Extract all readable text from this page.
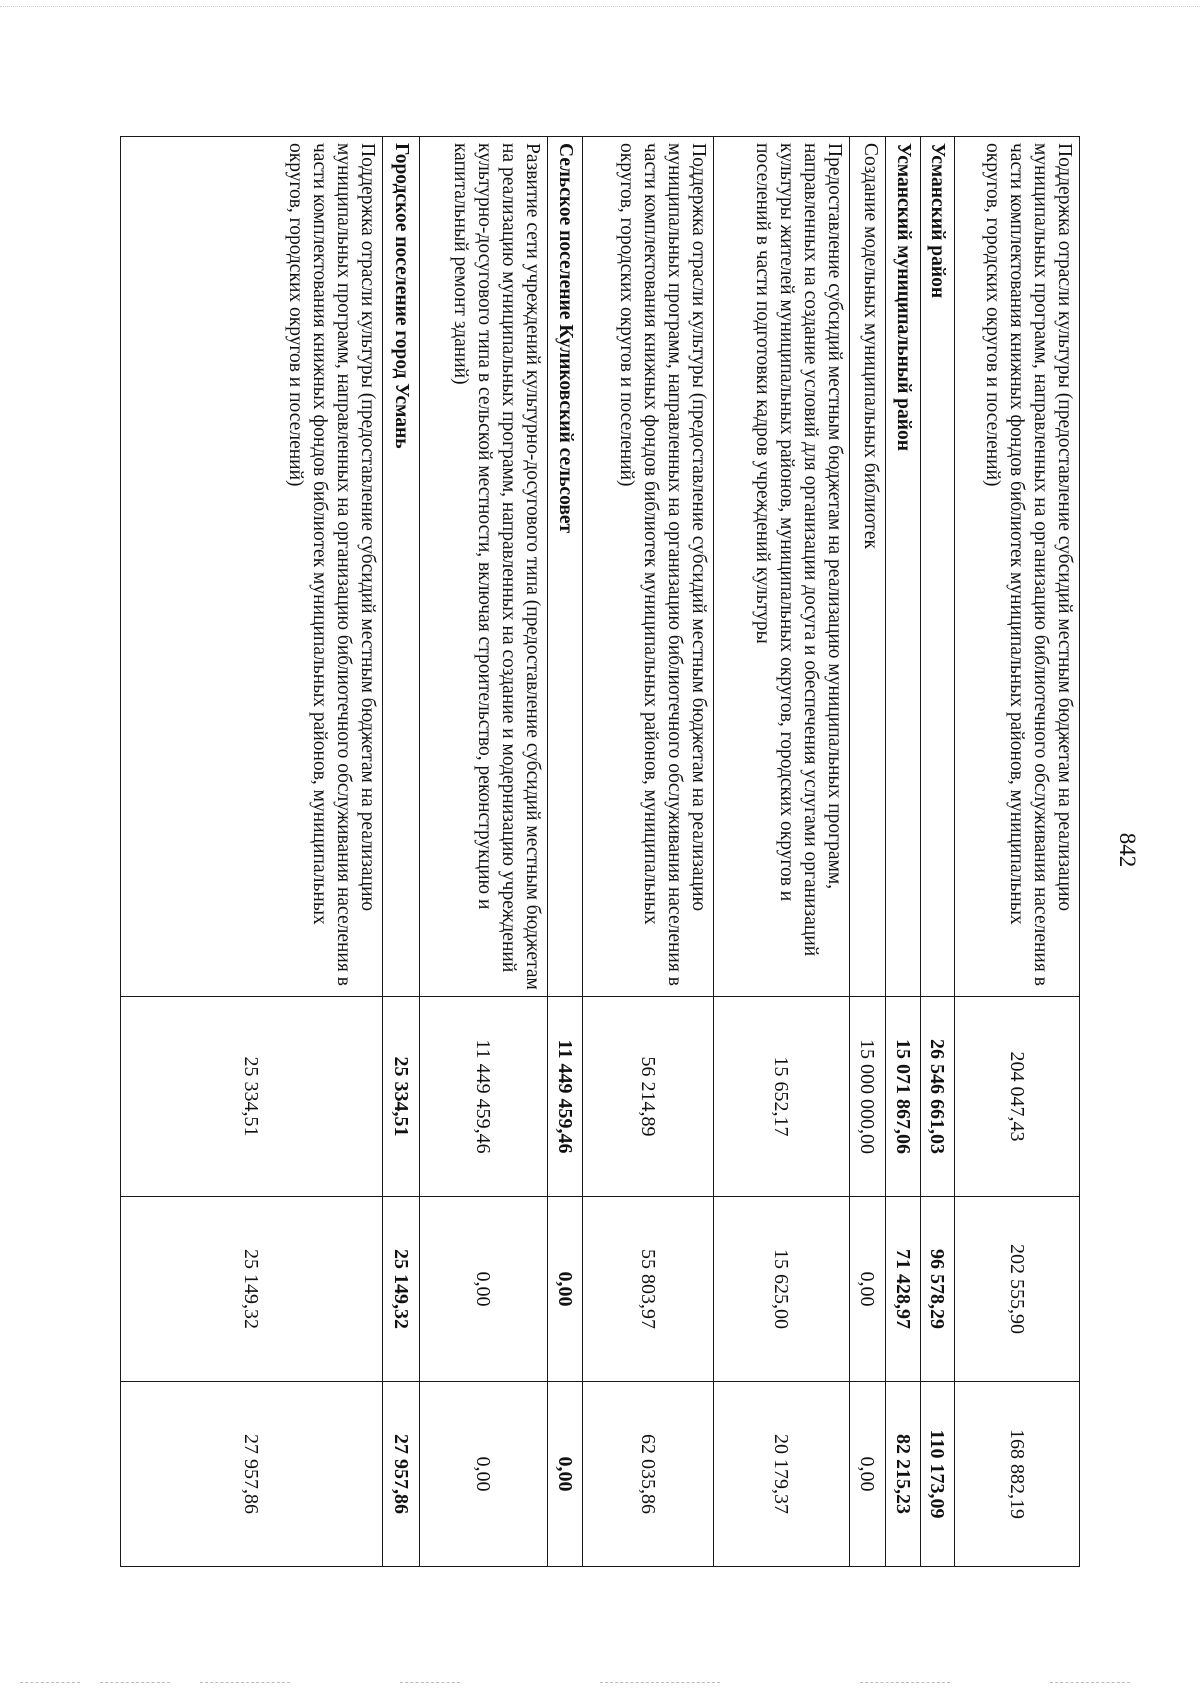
842
Поддержка отрасли культуры (предоставление субсидий местным бюджетам на реализацию муниципальных программ, направленных на организацию библиотечного обслуживания населения в части комплектования книжных фондов библиотек муниципальных районов, муниципальных округов, городских округов и поселений)	204 047,43	202 555,90	168 882,19
Усманский район	26 546 661,03	96 578,29	110 173,09
Усманский муниципальный район	15 071 867,06	71 428,97	82 215,23
Создание модельных муниципальных библиотек	15 000 000,00	0,00	0,00
Предоставление субсидий местным бюджетам на реализацию муниципальных программ, направленных на создание условий для организации досуга и обеспечения услугами организаций культуры жителей муниципальных районов, муниципальных округов, городских округов и поселений в части подготовки кадров учреждений культуры	15 652,17	15 625,00	20 179,37
Поддержка отрасли культуры (предоставление субсидий местным бюджетам на реализацию муниципальных программ, направленных на организацию библиотечного обслуживания населения в части комплектования книжных фондов библиотек муниципальных районов, муниципальных округов, городских округов и поселений)	56 214,89	55 803,97	62 035,86
Сельское поселение Куликовский сельсовет	11 449 459,46	0,00	0,00
Развитие сети учреждений культурно-досугового типа (предоставление субсидий местным бюджетам на реализацию муниципальных программ, направленных на создание и модернизацию учреждений культурно-досугового типа в сельской местности, включая строительство, реконструкцию и капитальный ремонт зданий)	11 449 459,46	0,00	0,00
Городское поселение город Усмань	25 334,51	25 149,32	27 957,86
Поддержка отрасли культуры (предоставление субсидий местным бюджетам на реализацию муниципальных программ, направленных на организацию библиотечного обслуживания населения в части комплектования книжных фондов библиотек муниципальных районов, муниципальных округов, городских округов и поселений)	25 334,51	25 149,32	27 957,86
